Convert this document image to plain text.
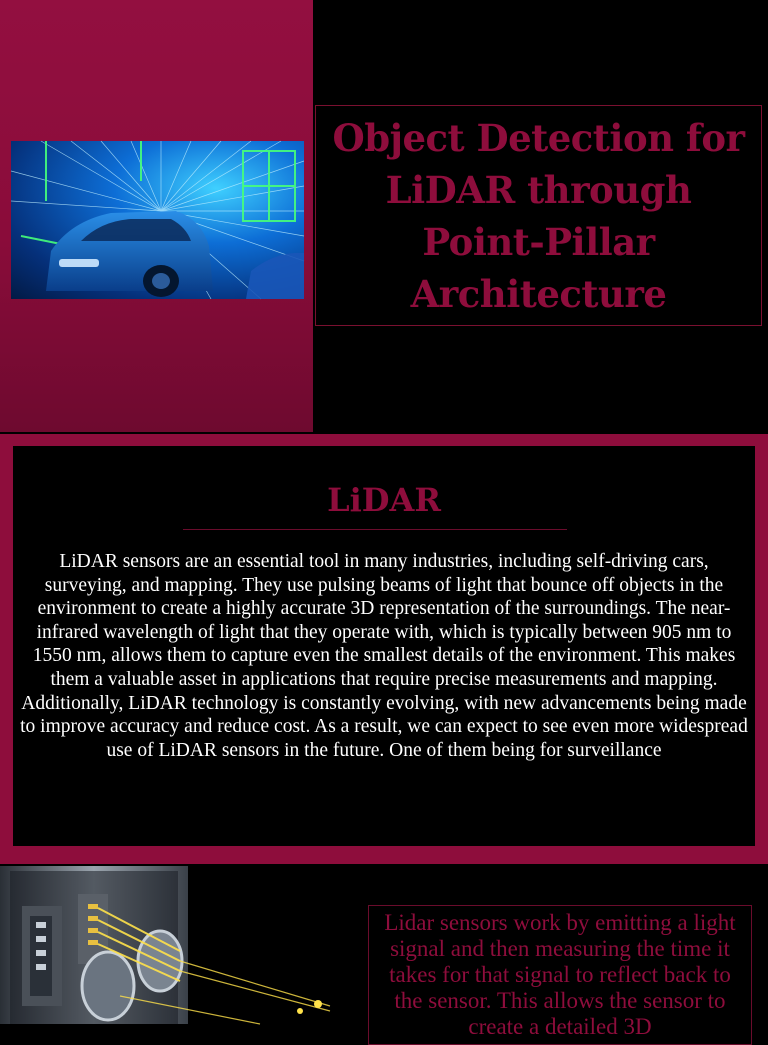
Object Detection for LiDAR through Point-Pillar Architecture
LiDAR

LiDAR sensors are an essential tool in many industries, including self-driving cars, surveying, and mapping. They use pulsing beams of light that bounce off objects in the environment to create a highly accurate 3D representation of the surroundings. The near-infrared wavelength of light that they operate with, which is typically between 905 nm to 1550 nm, allows them to capture even the smallest details of the environment. This makes them a valuable asset in applications that require precise measurements and mapping. Additionally, LiDAR technology is constantly evolving, with new advancements being made to improve accuracy and reduce cost. As a result, we can expect to see even more widespread use of LiDAR sensors in the future. One of them being for surveillance

Lidar sensors work by emitting a light signal and then measuring the time it takes for that signal to reflect back to the sensor. This allows the sensor to create a detailed 3D
